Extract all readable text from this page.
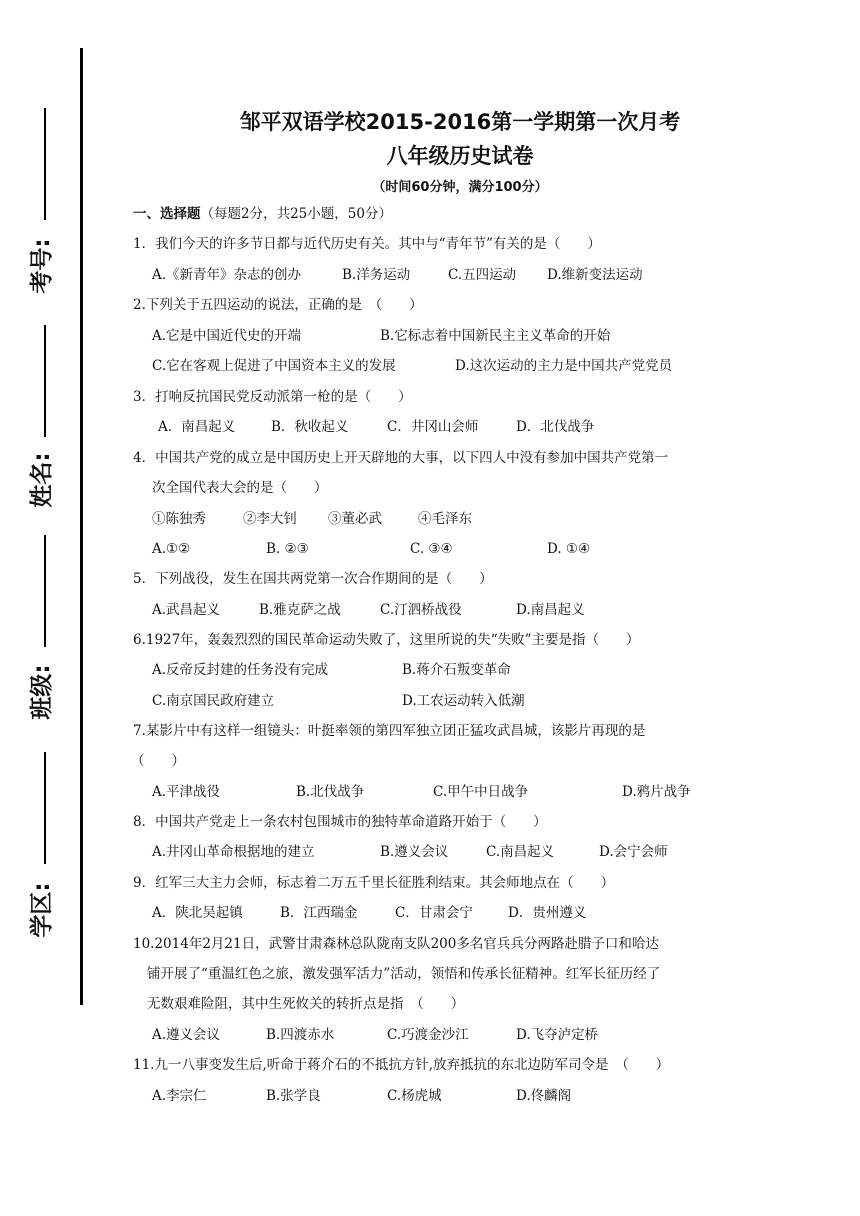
考号:
姓名:
班级:
学区:
邹平双语学校2015-2016第一学期第一次月考
八年级历史试卷
（时间60分钟，满分100分）
一、选择题（每题2分，共25小题，50分）
1．我们今天的许多节日都与近代历史有关。其中与“青年节”有关的是（　　）
A.《新青年》杂志的创办	B.洋务运动	C.五四运动 D.维新变法运动
2.下列关于五四运动的说法，正确的是　（　　）
A.它是中国近代史的开端	B.它标志着中国新民主主义革命的开始
C.它在客观上促进了中国资本主义的发展	D.这次运动的主力是中国共产党党员
3．打响反抗国民党反动派第一枪的是（　　）
A．南昌起义	B．秋收起义	C．井冈山会师	D．北伐战争
4．中国共产党的成立是中国历史上开天辟地的大事，以下四人中没有参加中国共产党第一
次全国代表大会的是（　　）
①陈独秀	②李大钊 ③董必武	④毛泽东
A.①②	B. ②③	C. ③④	D. ①④
5．下列战役，发生在国共两党第一次合作期间的是（　　）
A.武昌起义	B.雅克萨之战	C.汀泗桥战役	D.南昌起义
6.1927年，轰轰烈烈的国民革命运动失败了，这里所说的失“失败”主要是指（　　）
A.反帝反封建的任务没有完成	B.蒋介石叛变革命
C.南京国民政府建立	D.工农运动转入低潮
7.某影片中有这样一组镜头：叶挺率领的第四军独立团正猛攻武昌城，该影片再现的是
（　　）
A.平津战役	B.北伐战争	C.甲午中日战争	D.鸦片战争
8．中国共产党走上一条农村包围城市的独特革命道路开始于（　　）
A.井冈山革命根据地的建立	B.遵义会议	C.南昌起义	D.会宁会师
9．红军三大主力会师，标志着二万五千里长征胜利结束。其会师地点在（　　）
A．陕北吴起镇	B．江西瑞金	C．甘肃会宁	D．贵州遵义
10.2014年2月21日，武警甘肃森林总队陇南支队200多名官兵兵分两路赴腊子口和哈达
铺开展了“重温红色之旅，激发强军活力”活动，领悟和传承长征精神。红军长征历经了
无数艰难险阻，其中生死攸关的转折点是指　（　　）
A.遵义会议	B.四渡赤水	C.巧渡金沙江	D.飞夺泸定桥
11.九一八事变发生后,听命于蒋介石的不抵抗方针,放弃抵抗的东北边防军司令是　（　　）
A.李宗仁	B.张学良	C.杨虎城	D.佟麟阁
